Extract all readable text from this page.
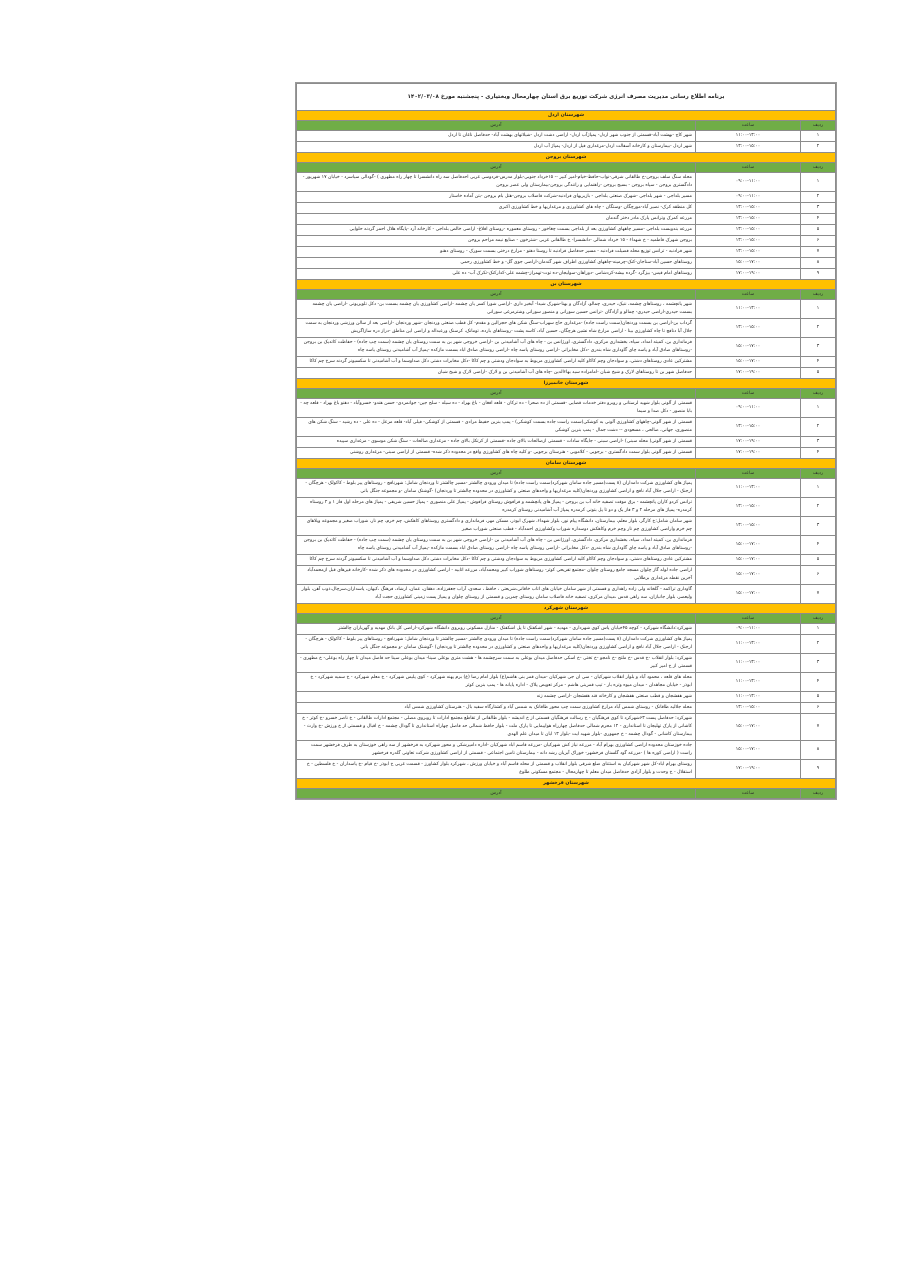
برنامه اطلاع رسانی مدیریت مصرف انرژی شرکت توزیع برق استان چهارمحال وبختیاری - پنجشنبه مورخ ۱۴۰۲/۰۳/۰۸		
شهرستان اردل		
ردیف	ساعت	آدرس
۱	۱۱:۰۰-۱۳:۰۰	شهر کاج -بهشت آباد-قسمتی از جنوب شهر اردل- پمپاژآب اردل- اراضی دشت اردل -شیلاتهای بهشت آباد- حدفاصل ناغان تا اردل
۲	۱۳:۰۰-۱۵:۰۰	شهر اردل -بیمارستان و کارخانه آسفالت اردل-مرغداری فیل از اردل- پمپاژ آب اردل
شهرستان بروجن		
ردیف	ساعت	آدرس
۱	۰۹:۰۰-۱۱:۰۰	محله سنگ سلف بروجن-خ طالقانی شرقی-نواب-حافظ-خیام-امیر کبیر -- ۱۵خرداد جنوبی-بلوار مدرس-فردوسی غربی احدفاصل سه راه دانشسرا تا چهار راه مطهری ) -گودالی سیاسرد - خیابان ۱۷ شهریور - دادگستری بروجن - سپاه بروجن - بسیج بروجن -راهنمایی و رانندگی بروجن-بیمارستان ولی عصر بروجن
۲	۰۹:۰۰-۱۱:۰۰	مسیر بلداجی - شهر بلداجی -شهرک صنعتی بلداجی - بازیرپهای فرادنبه-شرکت فاضلاب بروجن-هتل بام بروجن -بتن آماده خاستار
۳	۱۳:۰۰-۱۵:۰۰	کل منطقه کرک- نصیر آباد-مورچگان -وستگان - چاه های کشاورزی و مرغداریها و خط کشاورزی اکبری
۴	۱۳:۰۰-۱۵:۰۰	مزرعه کمرک وترانس پارک مادر دختر گندمان
۵	۱۳:۰۰-۱۵:۰۰	مزرعه بندوبست بلداجی -مسیر چاههای کشاورزی بعد از بلداجی بسمت چغاخور - روستای معموره -روستای افلاغ- اراضی خالص بلداجی - کارخانه آرد -پایگاه هلال احمر گردنه حلوایی
۶	۱۳:۰۰-۱۵:۰۰	بروجن شهرک فاطمیه - خ شهداء - ۱۵ خرداد شمالی -دانشسرا- خ طالقانی غربی -شترخون - صنایع نیمه مزاحم بروجن
۷	۱۳:۰۰-۱۵:۰۰	شهر فرادنبه - ترانس توزیع محله فضیلت فرادنبه - مسیر حدفاصل فرادنبه تا روستا دهنو - مزارع درختی بسمت سورک - روستای دهنو
۸	۱۵:۰۰-۱۷:۰۰	روستاهای حسین آباد-سناجان-کنک-چرمینه-چاههای کشاورزی اطراف شهر گندمان-اراضی جوی گل- و خط کشاورزی رحمی
۹	۱۷:۰۰-۱۹:۰۰	روستاهای امام قیس- بیژگرد -گرده بیشه-کردشامی -دوراهان-سولیجان-ده توت-تهمراز-چشمه علی-کدارکنک-تکرک آب- ده علی
شهرستان بن		
ردیف	ساعت	آدرس
۱	۱۱:۰۰-۱۳:۰۰	شهر یانچشمه ، روستاهای چشمه، ننیک، حیدری، چمالو، آزادگان و بهنا-شهرک شیدا- آبخیز داری -اراضی شورا کسر یان چشمه -اراضی کشاورزی یان چشمه بسمت بن- دکل تلویزیونی -اراضی یان چشمه بسمت حیدری-اراضی حیدری- چمالو و آزادگان -ترانس حسین سورانی و منصور سورانی وشترمرغی سورانی
۲	۱۳:۰۰-۱۵:۰۰	گرداب بن-اراضی بن بسمت وردنجان(سمت راست جاده) -مرغداری حاج سهراب-سنگ شکن های حجرالین و مقدم- کل قطب صنعتی وردنجان -شهر وردنجان -اراضی بعد از سالن ورزشی وردنجان به سمت جلال آبا دنافچ تا چاه کشاورزی بینا - اراضی مزارع شاه نشین هرچگان، حسین آباد، کاسه پشت -روستاهای بارده، تومانک، کرسنک ورعبداله و اراضی این مناطق -دراز دره سازاگریش
۳	۱۵:۰۰-۱۷:۰۰	فرمانداری بن، کمیته امداد، سپاه، بخشداری مرکزی، دادگستری، اورژانس بن - چاه های آب آشامیدنی بن -اراضی خروجی شهر بن به سمت روستای یان چشمه (سمت چپ جاده) - حفاظت کاتدیک بن بروجن -روستاهای صادق آباد و پاسه چای گاوداری شاه بندری -دکل مخابراتی -اراضی روستای پاسه چاه -اراضی روستای صادق اباد بسمت مازکده -پمپاژ آب آشامیدنی روستای یاسه چاه
۴	۱۵:۰۰-۱۷:۰۰	مشترکین عادی روستاهای دشتی، و سوادجان وچم کاکاو کلیه اراضی کشاورزی مربوط به سوادجان ودشتی و چم کاکا -دکل مخابرات دشتی دکل صداوسما و آب آشامیدنی تا سکسیونر گردنه سرخ چم کاکا
۵	۱۷:۰۰-۱۹:۰۰	حدفاصل شهر بن تا روستاهای لارک و شیخ شبان -امامزاده سید بهاءالدین -چاه های آب آشامیدنی بن و لارک -اراضی لارک و شیخ شبان
شهرستان خانمیرزا		
ردیف	ساعت	آدرس
۱	۰۹:۰۰-۱۱:۰۰	قسمتی از آلونی بلوار شهید لرستانی و روبرو دفتر خدمات قضایی -قسمتی از ده صحرا - ده ترکان - قلعه افغان - باغ بهزاد - ده سیله - سلح جین- جوانمردی- حسن هندو- خسروآباد - دهنو باغ بهزاد - قلعه چه - بابا منصور - دکل صدا و سیما
۲	۱۳:۰۰-۱۵:۰۰	قسمتی از شهر آلونی-چاههای کشاورزی آلونی به کوشکی(سمت راست جاده بسمت کوشکی) - پمپ بنزین حفیظ مرادی - قسمتی از کوشکی- فیلی آباد- قلعه مزعل - ده علی - ده رشید - سنگ شکن های منصوری، جهانی، صالحی ، مسعودی -- دشت جمال - پمپ بنزین کوشکی
۳	۱۷:۰۰-۱۹:۰۰	قسمتی از شهر آلونی( محله سبنی) -اراضی سبنی - جایگاه سادات - قسمتی ازصالحات بالای جاده -قسمتی از کرتکل بالای جاده - مرغداری صالحات - سنگ شکن موسوی - مرغداری سپیده
۴	۱۷:۰۰-۱۹:۰۰	قسمتی از شهر آلونی بلوار سمت دادگستری - برجویی - کلاموبی - هنرستان برجویی -و کلیه چاه های کشاورزی واقع در محدوده ذکر شده- قسمتی از اراضی سبنی- مرغداری روشنی
شهرستان سامان		
ردیف	ساعت	آدرس
۱	۱۱:۰۰-۱۳:۰۰	پمپاژ های کشاورزی شرکت دامداران (۸ پست(مسیر جاده سامان شهرکرد(سمت راست جاده) تا میدان ورودی چالشتر -مسیر چالشتر تا وردنجان شامل: شهرنافچ - روستاهای پیر بلوط - کاکولک - هرچگان - ارجنک - اراضی جلال آباد نافچ و اراضی کشاورزی وردنجان(کلیه مرغداریها و واحدهای صنعتی و کشاورزی در محدوده چالشتر تا وردنجان) -گوشتک سامان -و مجموعه جنگل بانی
۲	۱۳:۰۰-۱۵:۰۰	ترانس کردو کاران پانچشمه - برق موقت تصفیه خانه آب بن بروجن - پمپاژ های پانچشمه و فرافوش روستای فرافوش - پمپاژ علی منصوری - پمپاژ حسین شریفی - پمپاژ های مرحله اول فاز ۱ و ۲ روستاه کرمدره- پمپاژ های مرحله ۲ و ۳ فاز یک و دو تا پل بتونی کرمدره پمپاژ آب آشامیدنی روستای کرمدره
۳	۱۳:۰۰-۱۵:۰۰	شهر سامان شامل:خ کارگر، بلوار معلم، بیمارستان، دانشگاه پیام نور، بلوار شهداء، شهرک ابوذر، مسکن مهر، فرمانداری و دادگستری روستاهای کاهکش، چم خرم، چم نار، شوراب صغیر و مجموعه ویلاهای چم خرم واراضی کشاورزی چم نار وچم خرم وکاهکش دوسداره شوراب وکشاورزی احمدآباد - قطب صنعتی شوراب صغیر
۴	۱۵:۰۰-۱۷:۰۰	فرمانداری بن، کمیته امداد، سپاه، بخشداری مرکزی، دادگستری، اورژانس بن - چاه های آب آشامیدنی بن -اراضی خروجی شهر بن به سمت روستای یان چشمه (سمت چپ جاده) - حفاظت کاتدیک بن بروجن -روستاهای صادق آباد و پاسه چای گاوداری شاه بندری -دکل مخابراتی -اراضی روستای پاسه چاه -اراضی روستای صادق اباد بسمت مازکده -پمپاژ آب آشامیدنی روستای یاسه چاه
۵	۱۵:۰۰-۱۷:۰۰	مشترکین عادی روستاهای دشتی، و سوادجان وچم کاکاو کلیه اراضی کشاورزی مربوط به سوادجان ودشتی و چم کاکا -دکل مخابرات دشتی دکل صداوسما و آب آشامیدنی تا سکسیونر گردنه سرخ چم کاکا
۶	۱۵:۰۰-۱۷:۰۰	اراضی جاده لوله گاز چلوان مسجد جامع روستای چلوان -مجتمع تفریحی کوثر- روستاهای شوراب کبیر ومحمدآباد، مزرعه اتابیه - اراضی کشاورزی در محدوده های ذکر شده -کارخانه قیرهای قبل ازمحمدآباد آخرین نقطه مرغداری برطلایی
۷	۱۵:۰۰-۱۷:۰۰	گاوداری تراکمه - گلخانه ولی زاده راهداری و قسمتی از شهر سامان خیابان های اتاب خاقانی،شریعتی ، حافظ ، سعدی، آراب جعفرزاده، دهقان، عمان، ارشاد، فرهنگ ،کیهان، پاسداران،سرچال،ذوب آهن، بلوار ولیعصر، بلوار جانبازان، سه راهی قدس ،میدان مرکزی، تصفیه خانه فاضلاب سامان روستای چمزین و قسمتی از روستای چلوان و پمپاژ پست زمینی کشاورزی حجت آباد
شهرستان شهرکرد		
ردیف	ساعت	آدرس
۱	۰۹:۰۰-۱۱:۰۰	شهرکرد:دانشگاه شهرکرد - کوچه ۴۵خیابان پاس کوی شهرداری - مهدیه - شهر اشکفتک تا پل اشکفتک - منازل مسکونی روبروی دانشگاه شهرکرد-اراضی کل بانک مهدیه و گهرباران چالشتر
۲	۱۱:۰۰-۱۳:۰۰	پمپاژ های کشاورزی شرکت دامداران (۸ پست(مسیر جاده سامان شهرکرد(سمت راست جاده) تا میدان ورودی چالشتر -مسیر چالشتر تا وردنجان شامل: شهرنافچ - روستاهای پیر بلوط - کاکولک - هرچگان - ارجنک - اراضی جلال آباد نافچ و اراضی کشاورزی وردنجان(کلیه مرغداریها و واحدهای صنعتی و کشاورزی در محدوده چالشتر تا وردنجان) -گوشتک سامان -و مجموعه جنگل بانی
۳	۱۱:۰۰-۱۳:۰۰	شهرکرد: بلوار انقلاب -خ قدس -خ ملتج -خ نامجو -خ تختی -خ اسکی حدفاصل میدان بوعلی به سمت سرچشمه ها - هشت متری بوعلی سینا- میدان بوعلی سینا حد فاصل میدان تا چهار راه بوعلی- خ مطهری - قسمتی از خ امیر کبیر
۴	۱۱:۰۰-۱۳:۰۰	محله های قلعه ، محمود آباد و بلوار انقلاب شهرکیان - سی ان جی شهرکیان -میدان قمر بنی هاشم(ع) بلوار امام رضا (ع) برم پهنه شهرکرد - کوی پلیس شهرکرد - خ معلم شهرکرد - خ سمیه شهرکرد - خ ابوذر - خیابان مجاهدان - میدان میوه وتره بار - تیپ قمربنی هاشم - مرکز تعویض پلاک - اداره پایانه ها - پمپ بنزین کوثر
۵	۱۱:۰۰-۱۳:۰۰	شهر هفشجان و قطب صنعتی هفشجان و کارخانه قند هفشجان -اراضی چشمه زنه
۶	۱۳:۰۰-۱۵:۰۰	محله جلالیه طاقانک - روستای شمس آباد مزارع کشاورزی سمت چپ محور طاقانک به شمس آباد و کشتارگاه سفید بال - هنرستان کشاورزی شمس آباد
۷	۱۵:۰۰-۱۷:۰۰	شهرکرد: حدفاصل پست ۶۳شهرکرد تا کوی فرهنگیان - خ رسالت فرهنگیان قسمتی از خ اندیشه - بلوار طالقانی از تقاطع مجتمع ادارات تا روبروی مصلی - مجتمع ادارات طالقانی - خ ناصر خسرو -خ کوثر - خ کاشانی از پارک تهلیجان تا استانداری - ۱۲ محرم شمالی حدفاصل چهارراه هواپیمایی تا پارک ملت - بلوار حافظ شمالی حد فاصل چهاراه استانداری تا گودال چشمه - خ اقبال و قسمتی از خ ورزش -خ وارث - بیمارستان کاشانی - گودال چشمه - خ جمهوری -بلوار شهید ایت -بلوار ۱۳ ابان تا میدان علم الهدی
۸	۱۵:۰۰-۱۷:۰۰	جاده خوزستان محدوده اراضی کشاورزی بهرام آباد - مزرعه نیاز کش شهرکیان -مزرعه قاسم اباد شهرکیان -اداره دامپزشکی و محور شهرکرد به فرخشهر از سه راهی خوزستان به طرف فرخشهر سمت راست ( اراضی کوره ها ) -مزرعه گود گلستان فرخشهر- خوراک آبزیان رشد دانه - بیمارستان تامین اجتماعی - قسمتی از اراضی کشاورزی شرکت تعاونی گلدره فرخشهر
۹	۱۷:۰۰-۱۹:۰۰	روستای بهرام اباد-کل شهر شهرکیان به استثنای ضلع شرقی بلوار انقلاب و قسمتی از محله قاسم آباد و خیابان ورزش ، شهرکرد بلوار کشاورز - قسمت غربی خ ابوذر -خ قیام -خ پاسداران - خ فلسطین - خ استقلال - خ وحدت و بلوار آزادی حدفاصل میدان معلم تا چهارمحال - مجتمع مسکونی طلوع
شهرستان فرخشهر		
ردیف	ساعت	آدرس
